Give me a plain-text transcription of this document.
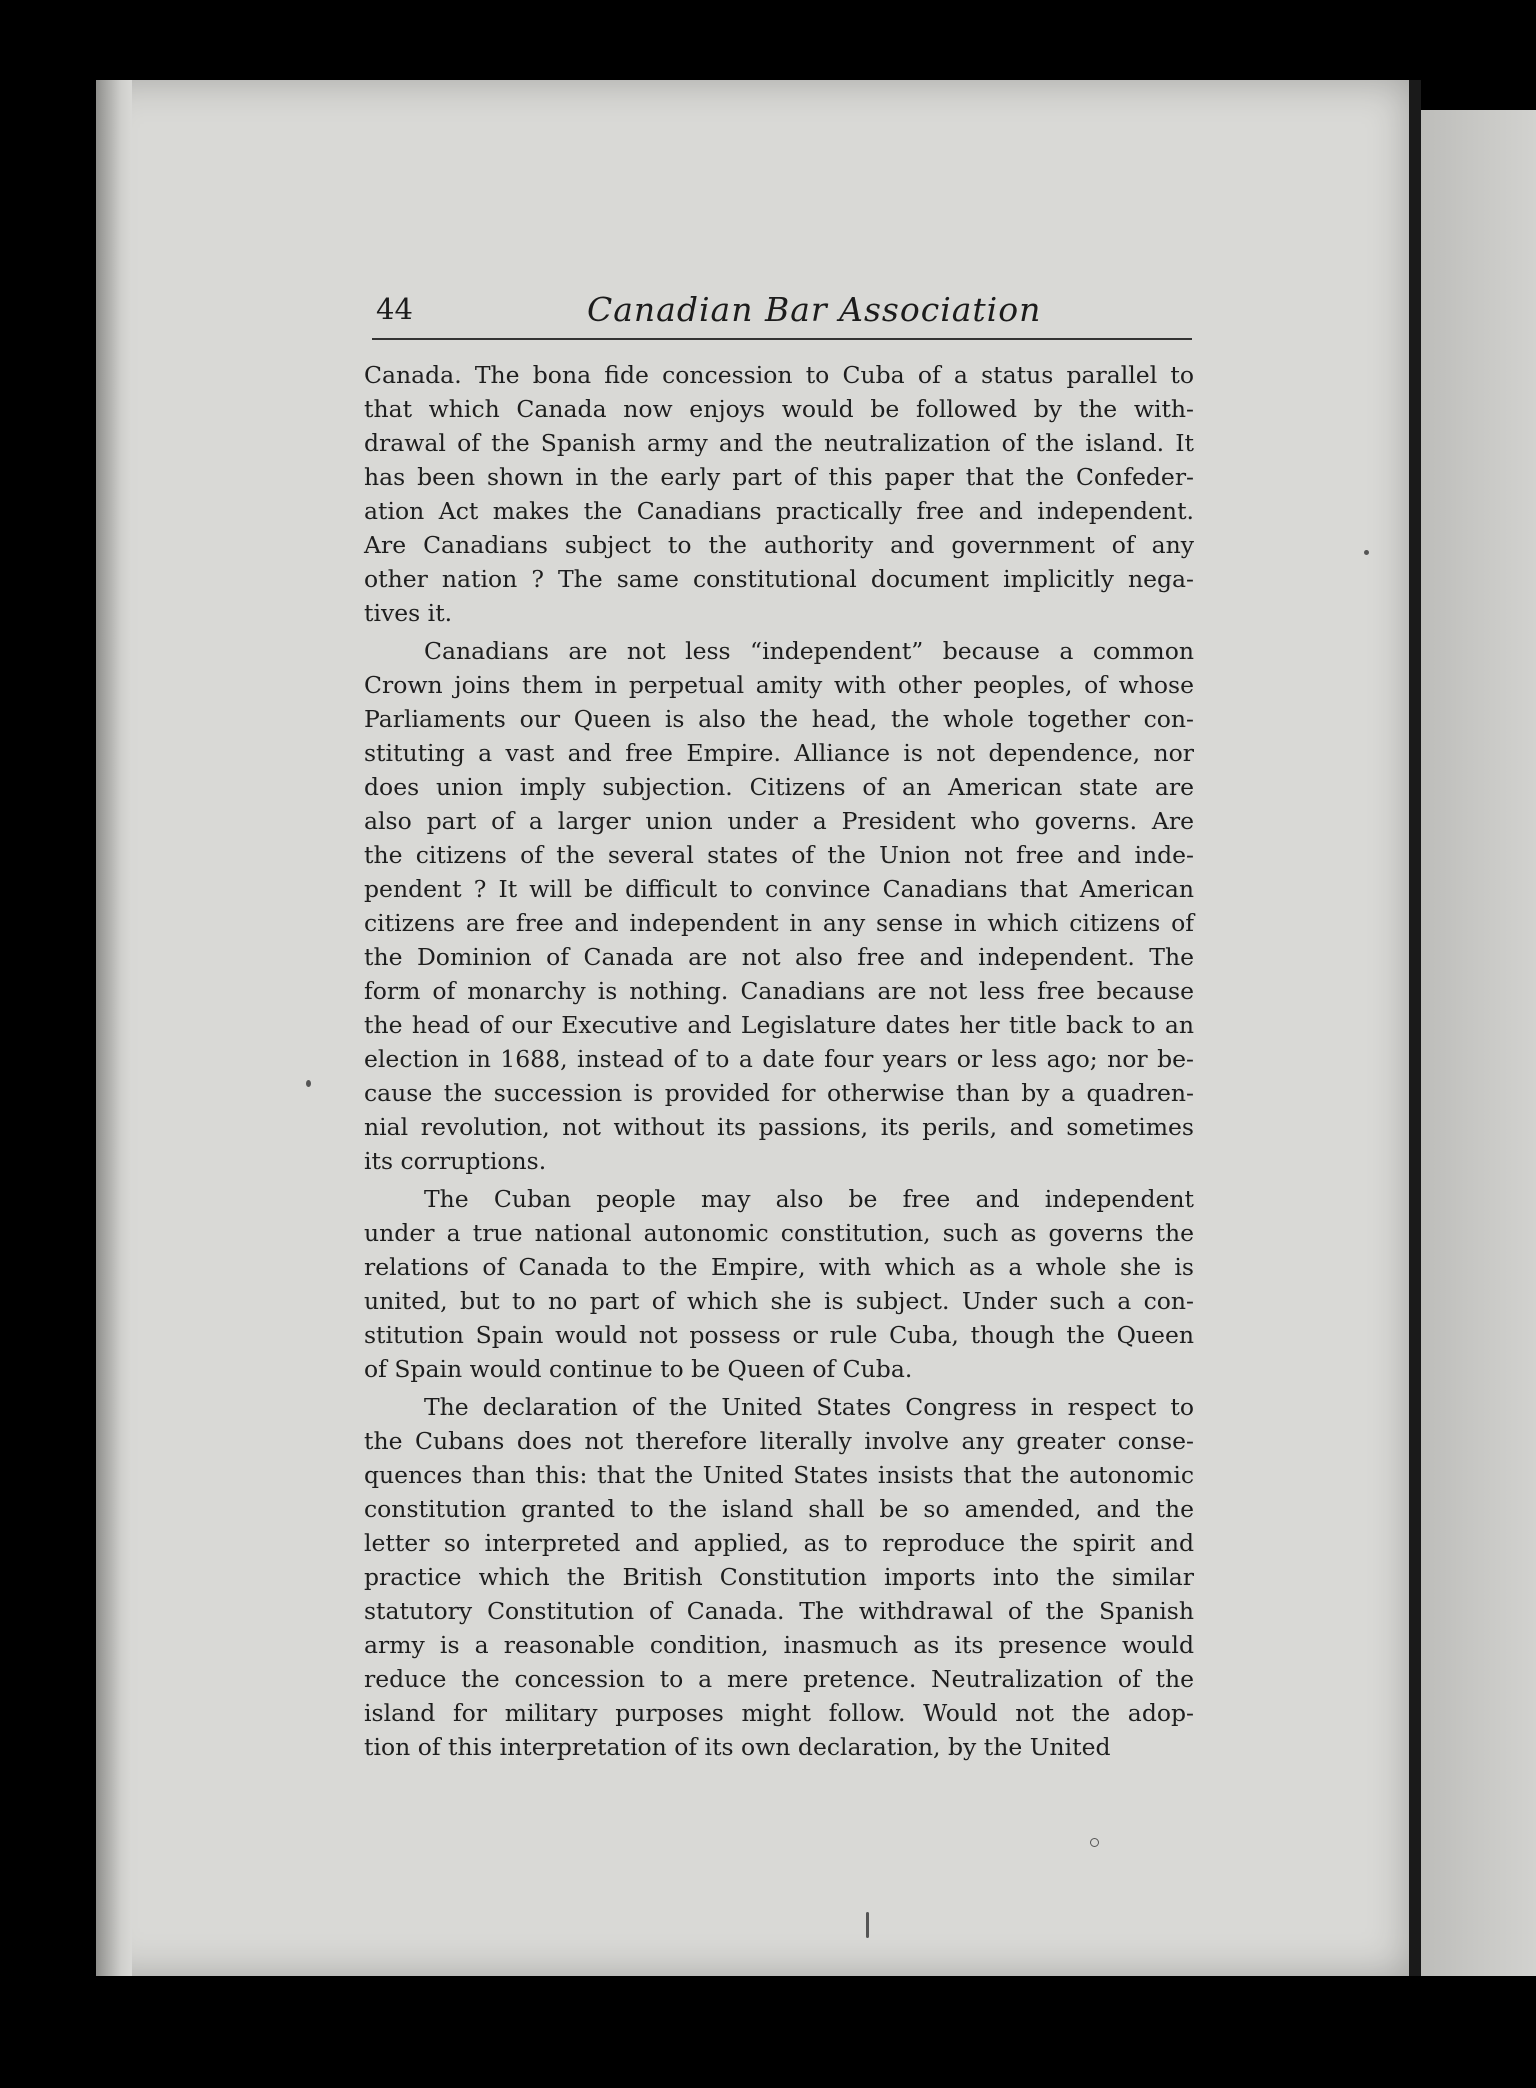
44	Canadian Bar Association
Canada. The bona fide concession to Cuba of a status parallel to
that which Canada now enjoys would be followed by the with-
drawal of the Spanish army and the neutralization of the island. It
has been shown in the early part of this paper that the Confeder-
ation Act makes the Canadians practically free and independent.
Are Canadians subject to the authority and government of any
other nation ? The same constitutional document implicitly nega-
tives it.
Canadians are not less “independent” because a common
Crown joins them in perpetual amity with other peoples, of whose
Parliaments our Queen is also the head, the whole together con-
stituting a vast and free Empire. Alliance is not dependence, nor
does union imply subjection. Citizens of an American state are
also part of a larger union under a President who governs. Are
the citizens of the several states of the Union not free and inde-
pendent ? It will be difficult to convince Canadians that American
citizens are free and independent in any sense in which citizens of
the Dominion of Canada are not also free and independent. The
form of monarchy is nothing. Canadians are not less free because
the head of our Executive and Legislature dates her title back to an
election in 1688, instead of to a date four years or less ago; nor be-
cause the succession is provided for otherwise than by a quadren-
nial revolution, not without its passions, its perils, and sometimes
its corruptions.
The Cuban people may also be free and independent
under a true national autonomic constitution, such as governs the
relations of Canada to the Empire, with which as a whole she is
united, but to no part of which she is subject. Under such a con-
stitution Spain would not possess or rule Cuba, though the Queen
of Spain would continue to be Queen of Cuba.
The declaration of the United States Congress in respect to
the Cubans does not therefore literally involve any greater conse-
quences than this: that the United States insists that the autonomic
constitution granted to the island shall be so amended, and the
letter so interpreted and applied, as to reproduce the spirit and
practice which the British Constitution imports into the similar
statutory Constitution of Canada. The withdrawal of the Spanish
army is a reasonable condition, inasmuch as its presence would
reduce the concession to a mere pretence. Neutralization of the
island for military purposes might follow. Would not the adop-
tion of this interpretation of its own declaration, by the United
